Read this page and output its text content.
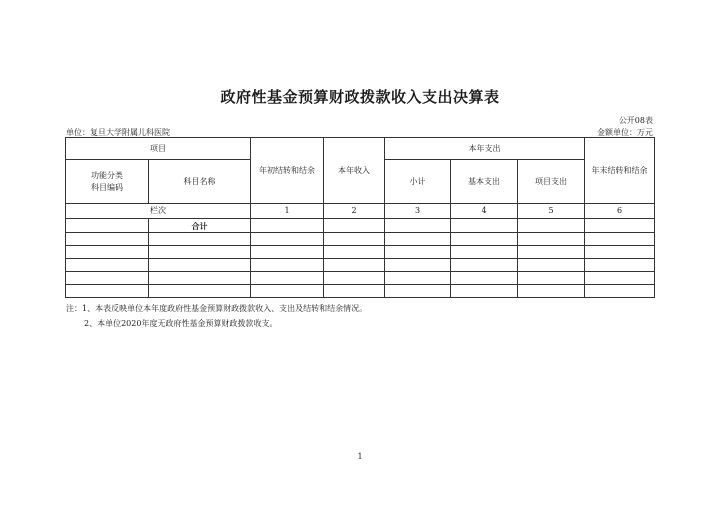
政府性基金预算财政拨款收入支出决算表
公开08表
单位：复旦大学附属儿科医院	金额单位：万元
项目		年初结转和结余	本年收入	本年支出			年末结转和结余

功能分类
科目编码	科目名称			小计	基本支出	项目支出	
栏次		1	2	3	4	5	6
	合计						

注：1、本表反映单位本年度政府性基金预算财政拨款收入、支出及结转和结余情况。
2、本单位2020年度无政府性基金预算财政拨款收支。
1
